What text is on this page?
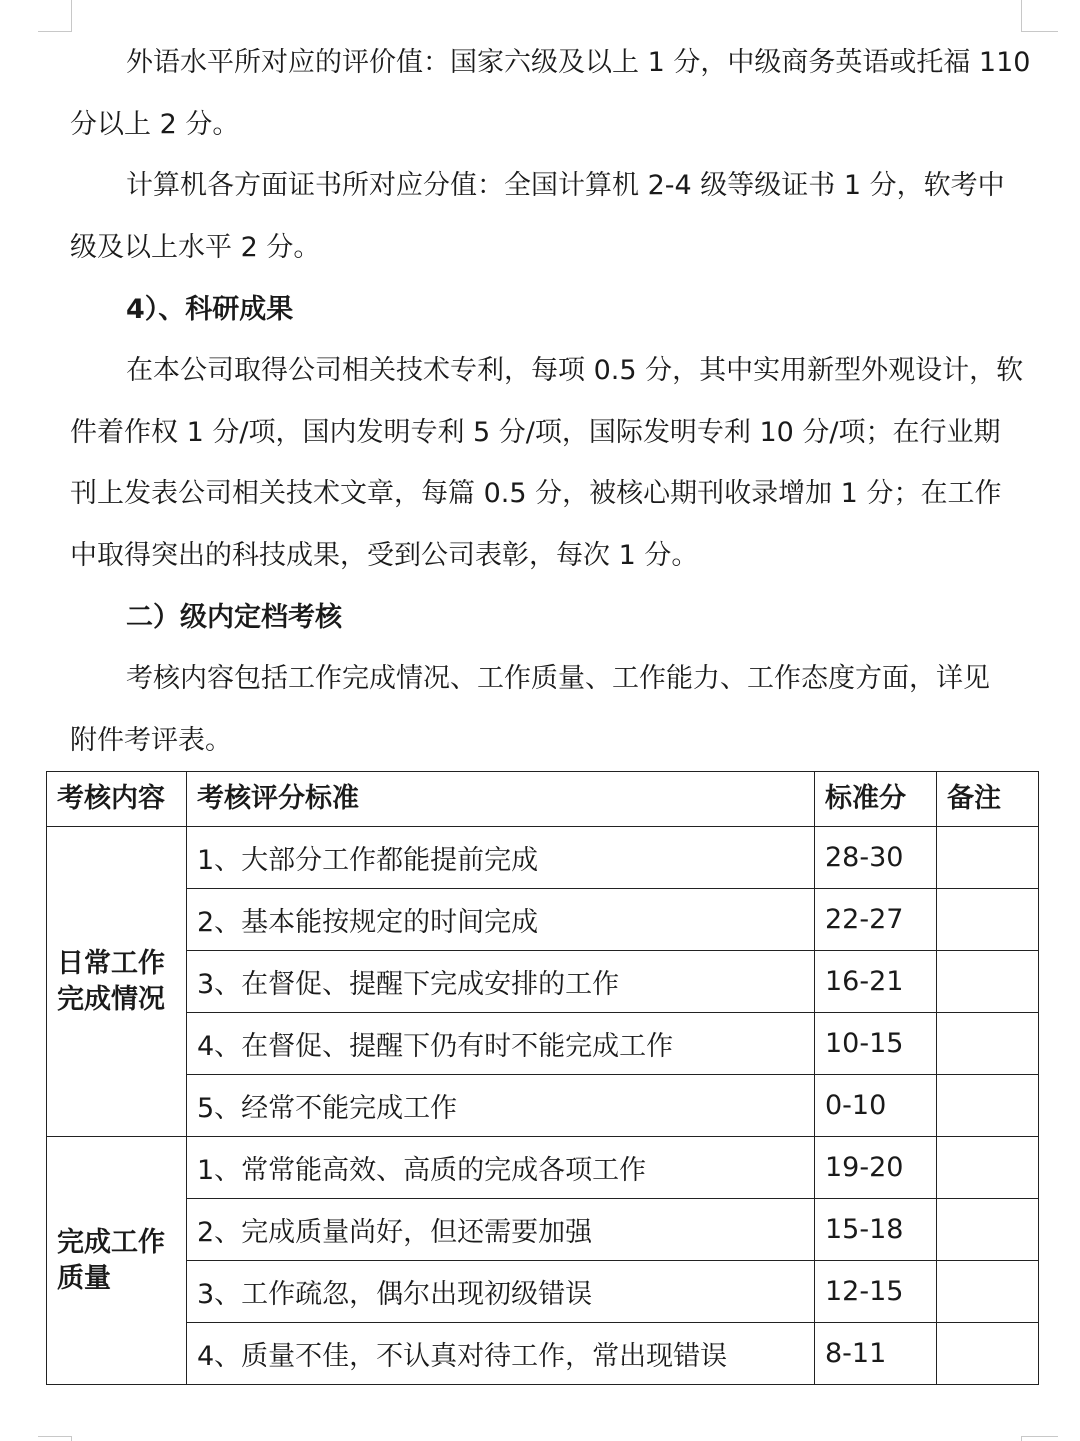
外语水平所对应的评价值：国家六级及以上 1 分，中级商务英语或托福 110
分以上 2 分。
计算机各方面证书所对应分值：全国计算机 2-4 级等级证书 1 分，软考中
级及以上水平 2 分。
4）、科研成果
在本公司取得公司相关技术专利，每项 0.5 分，其中实用新型外观设计，软
件着作权 1 分/项，国内发明专利 5 分/项，国际发明专利 10 分/项；在行业期
刊上发表公司相关技术文章，每篇 0.5 分，被核心期刊收录增加 1 分；在工作
中取得突出的科技成果，受到公司表彰，每次 1 分。
二）级内定档考核
考核内容包括工作完成情况、工作质量、工作能力、工作态度方面，详见
附件考评表。
考核内容	考核评分标准	标准分	备注

日常工作
完成情况	1、大部分工作都能提前完成	28-30	
	2、基本能按规定的时间完成	22-27	
	3、在督促、提醒下完成安排的工作	16-21	
	4、在督促、提醒下仍有时不能完成工作	10-15	
	5、经常不能完成工作	0-10	

完成工作
质量	1、常常能高效、高质的完成各项工作	19-20	
	2、完成质量尚好，但还需要加强	15-18	
	3、工作疏忽，偶尔出现初级错误	12-15	
	4、质量不佳，不认真对待工作，常出现错误	8-11	
